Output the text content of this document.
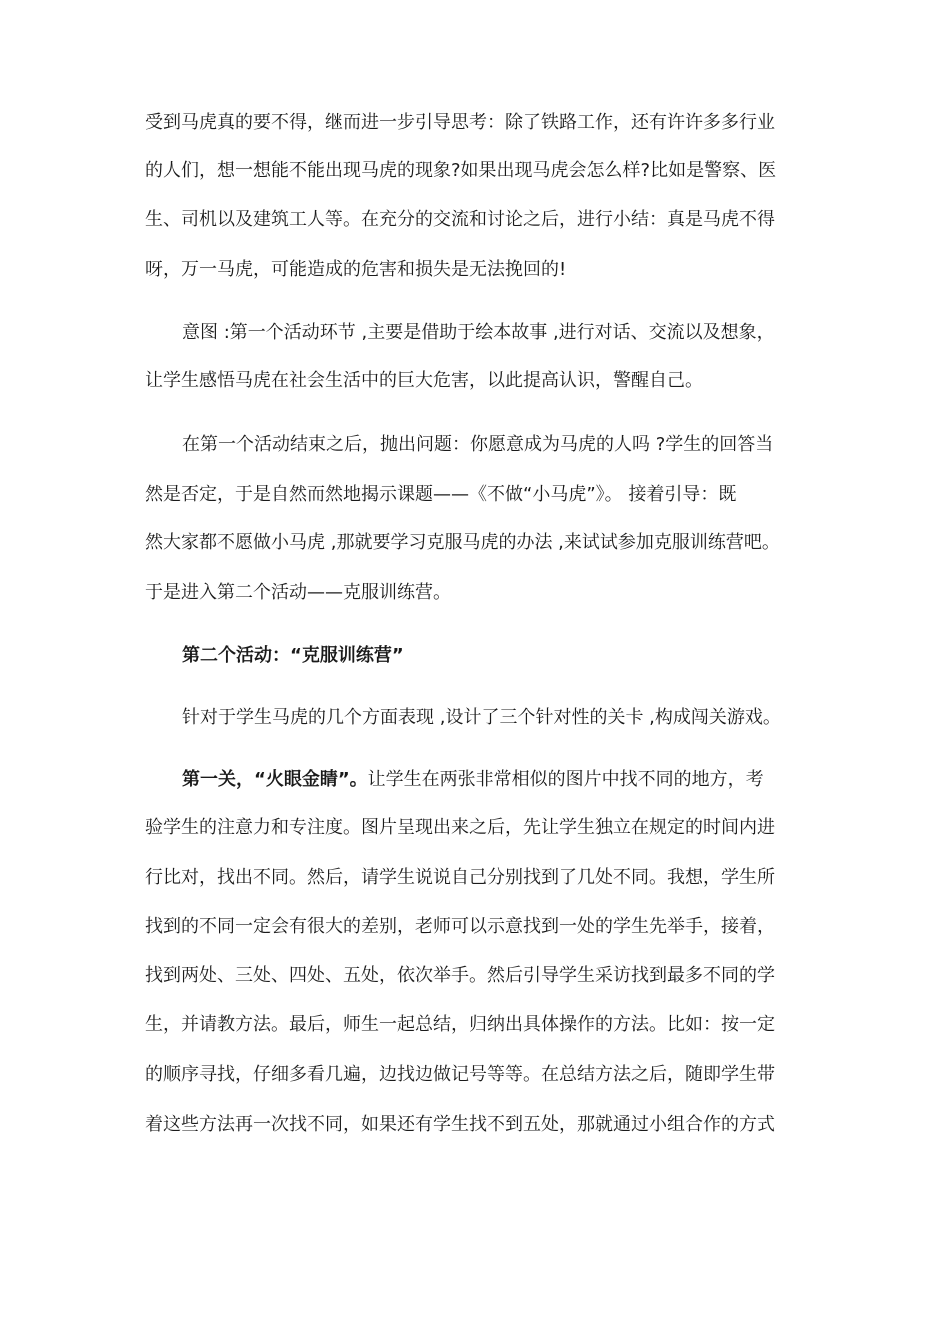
受到马虎真的要不得，继而进一步引导思考：除了铁路工作，还有许许多多行业
的人们，想一想能不能出现马虎的现象?如果出现马虎会怎么样?比如是警察、医
生、司机以及建筑工人等。在充分的交流和讨论之后，进行小结：真是马虎不得
呀，万一马虎，可能造成的危害和损失是无法挽回的!
意图 :第一个活动环节 ,主要是借助于绘本故事 ,进行对话、交流以及想象，
让学生感悟马虎在社会生活中的巨大危害，以此提高认识，警醒自己。
在第一个活动结束之后，抛出问题：你愿意成为马虎的人吗 ?学生的回答当
然是否定，于是自然而然地揭示课题——《不做“小马虎”》。 接着引导：既
然大家都不愿做小马虎 ,那就要学习克服马虎的办法 ,来试试参加克服训练营吧。
于是进入第二个活动——克服训练营。
第二个活动：“克服训练营”
针对于学生马虎的几个方面表现 ,设计了三个针对性的关卡 ,构成闯关游戏。
第一关，“火眼金睛”。让学生在两张非常相似的图片中找不同的地方，考
验学生的注意力和专注度。图片呈现出来之后，先让学生独立在规定的时间内进
行比对，找出不同。然后，请学生说说自己分别找到了几处不同。我想，学生所
找到的不同一定会有很大的差别，老师可以示意找到一处的学生先举手，接着，
找到两处、三处、四处、五处，依次举手。然后引导学生采访找到最多不同的学
生，并请教方法。最后，师生一起总结，归纳出具体操作的方法。比如：按一定
的顺序寻找，仔细多看几遍，边找边做记号等等。在总结方法之后，随即学生带
着这些方法再一次找不同，如果还有学生找不到五处，那就通过小组合作的方式
